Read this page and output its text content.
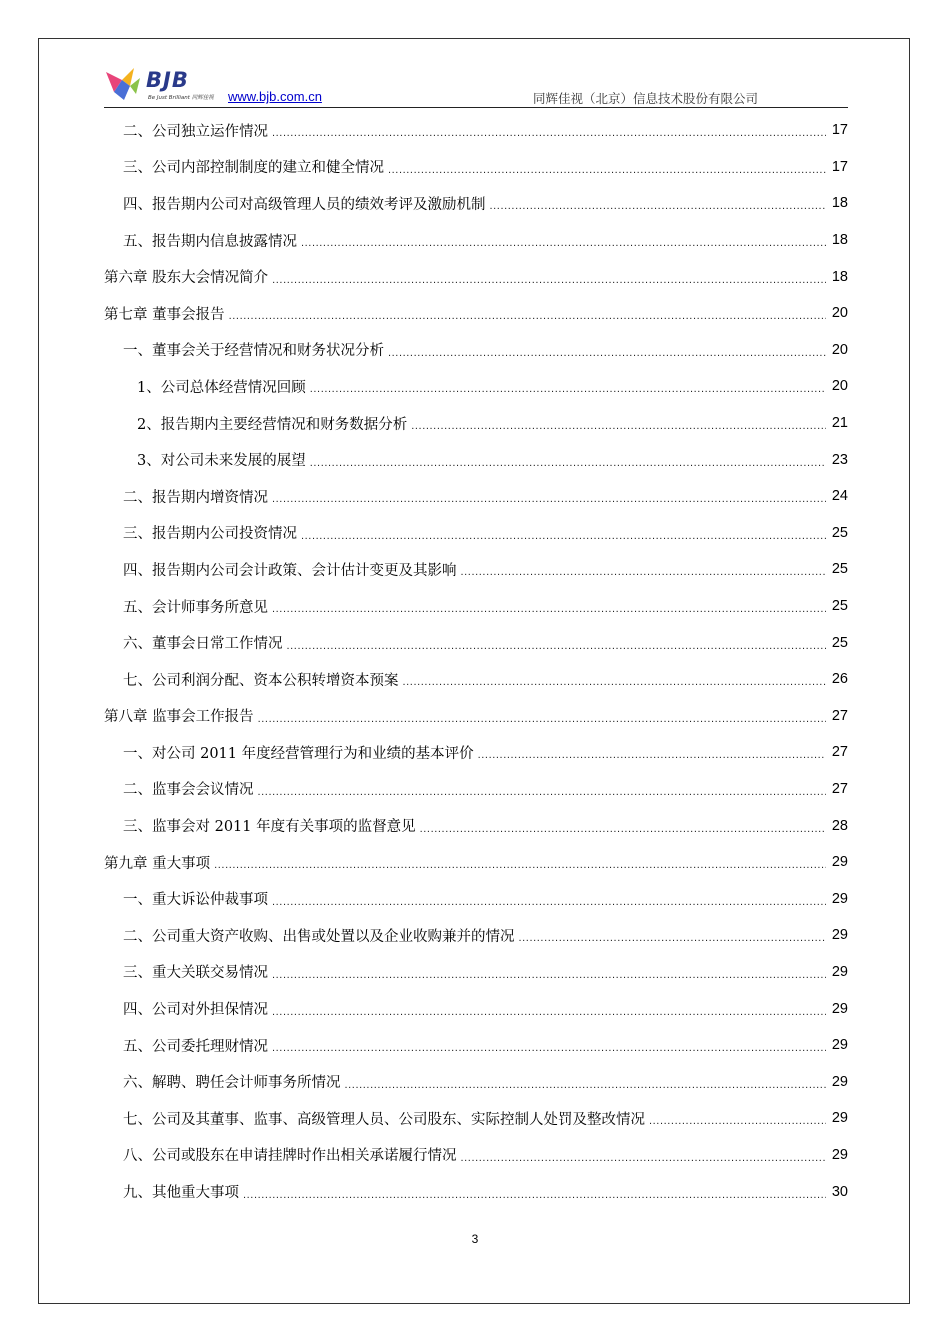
BJB
Be Just Brilliant 同辉佳视 www.bjb.com.cn	同辉佳视（北京）信息技术股份有限公司
二、公司独立运作情况 .....	17
三、公司内部控制制度的建立和健全情况 .....	17
四、报告期内公司对高级管理人员的绩效考评及激励机制 .....	18
五、报告期内信息披露情况 .....	18
第六章 股东大会情况简介 .....	18
第七章 董事会报告 .....	20
一、董事会关于经营情况和财务状况分析 .....	20
1、公司总体经营情况回顾 .....	20
2、报告期内主要经营情况和财务数据分析 .....	21
3、对公司未来发展的展望 .....	23
二、报告期内增资情况 .....	24
三、报告期内公司投资情况 .....	25
四、报告期内公司会计政策、会计估计变更及其影响 .....	25
五、会计师事务所意见 .....	25
六、董事会日常工作情况 .....	25
七、公司利润分配、资本公积转增资本预案 .....	26
第八章 监事会工作报告 .....	27
一、对公司 2011 年度经营管理行为和业绩的基本评价 .....	27
二、监事会会议情况 .....	27
三、监事会对 2011 年度有关事项的监督意见 .....	28
第九章 重大事项 .....	29
一、重大诉讼仲裁事项 .....	29
二、公司重大资产收购、出售或处置以及企业收购兼并的情况 .....	29
三、重大关联交易情况 .....	29
四、公司对外担保情况 .....	29
五、公司委托理财情况 .....	29
六、解聘、聘任会计师事务所情况 .....	29
七、公司及其董事、监事、高级管理人员、公司股东、实际控制人处罚及整改情况 .....	29
八、公司或股东在申请挂牌时作出相关承诺履行情况 .....	29
九、其他重大事项 .....	30
3
